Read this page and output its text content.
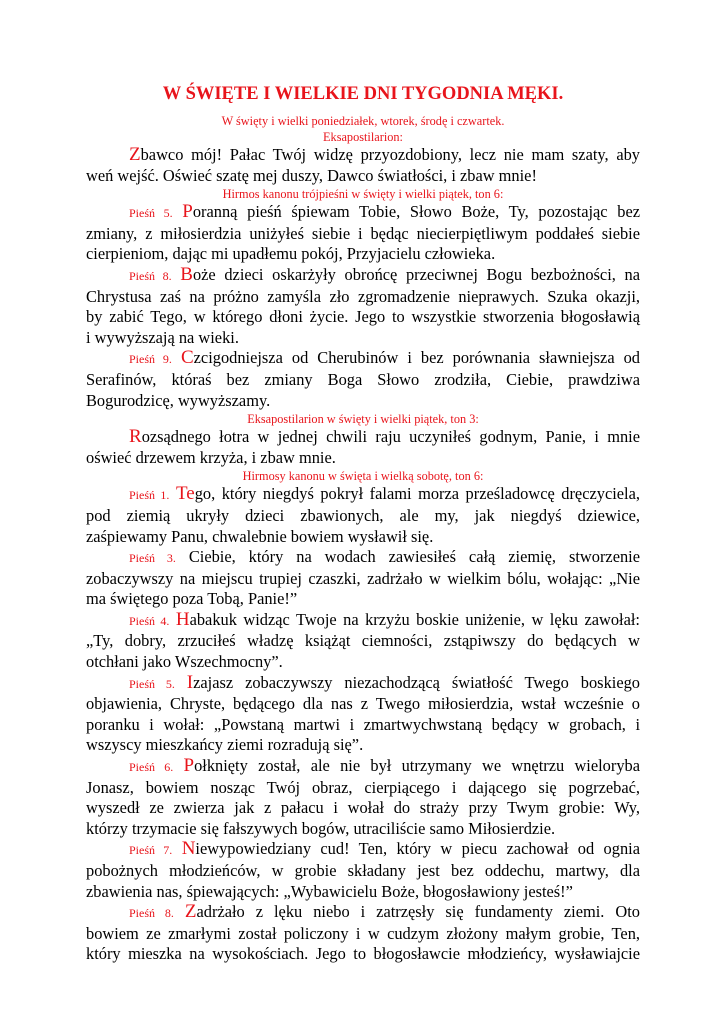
W ŚWIĘTE I WIELKIE DNI TYGODNIA MĘKI.

W święty i wielki poniedziałek, wtorek, środę i czwartek.

Eksapostilarion:

Zbawco mój! Pałac Twój widzę przyozdobiony, lecz nie mam szaty, aby
weń wejść. Oświeć szatę mej duszy, Dawco światłości, i zbaw mnie!

Hirmos kanonu trójpieśni w święty i wielki piątek, ton 6:

Pieśń 5. Poranną pieśń śpiewam Tobie, Słowo Boże, Ty, pozostając bez
zmiany, z miłosierdzia uniżyłeś siebie i będąc niecierpiętliwym poddałeś siebie
cierpieniom, dając mi upadłemu pokój, Przyjacielu człowieka.

Pieśń 8. Boże dzieci oskarżyły obrońcę przeciwnej Bogu bezbożności, na
Chrystusa zaś na próżno zamyśla zło zgromadzenie nieprawych. Szuka okazji,
by zabić Tego, w którego dłoni życie. Jego to wszystkie stworzenia błogosławią
i wywyższają na wieki.

Pieśń 9. Czcigodniejsza od Cherubinów i bez porównania sławniejsza od
Serafinów, któraś bez zmiany Boga Słowo zrodziła, Ciebie, prawdziwa
Bogurodzicę, wywyższamy.

Eksapostilarion w święty i wielki piątek, ton 3:

Rozsądnego łotra w jednej chwili raju uczyniłeś godnym, Panie, i mnie
oświeć drzewem krzyża, i zbaw mnie.

Hirmosy kanonu w święta i wielką sobotę, ton 6:

Pieśń 1. Tego, który niegdyś pokrył falami morza prześladowcę dręczyciela,
pod ziemią ukryły dzieci zbawionych, ale my, jak niegdyś dziewice,
zaśpiewamy Panu, chwalebnie bowiem wysławił się.

Pieśń 3. Ciebie, który na wodach zawiesiłeś całą ziemię, stworzenie
zobaczywszy na miejscu trupiej czaszki, zadrżało w wielkim bólu, wołając: „Nie
ma świętego poza Tobą, Panie!”

Pieśń 4. Habakuk widząc Twoje na krzyżu boskie uniżenie, w lęku zawołał:
„Ty, dobry, zrzuciłeś władzę książąt ciemności, zstąpiwszy do będących w
otchłani jako Wszechmocny”.

Pieśń 5. Izajasz zobaczywszy niezachodzącą światłość Twego boskiego
objawienia, Chryste, będącego dla nas z Twego miłosierdzia, wstał wcześnie o
poranku i wołał: „Powstaną martwi i zmartwychwstaną będący w grobach, i
wszyscy mieszkańcy ziemi rozradują się”.

Pieśń 6. Połknięty został, ale nie był utrzymany we wnętrzu wieloryba
Jonasz, bowiem nosząc Twój obraz, cierpiącego i dającego się pogrzebać,
wyszedł ze zwierza jak z pałacu i wołał do straży przy Twym grobie: Wy,
którzy trzymacie się fałszywych bogów, utraciliście samo Miłosierdzie.

Pieśń 7. Niewypowiedziany cud! Ten, który w piecu zachował od ognia
pobożnych młodzieńców, w grobie składany jest bez oddechu, martwy, dla
zbawienia nas, śpiewających: „Wybawicielu Boże, błogosławiony jesteś!”

Pieśń 8. Zadrżało z lęku niebo i zatrzęsły się fundamenty ziemi. Oto
bowiem ze zmarłymi został policzony i w cudzym złożony małym grobie, Ten,
który mieszka na wysokościach. Jego to błogosławcie młodzieńcy, wysławiajcie
